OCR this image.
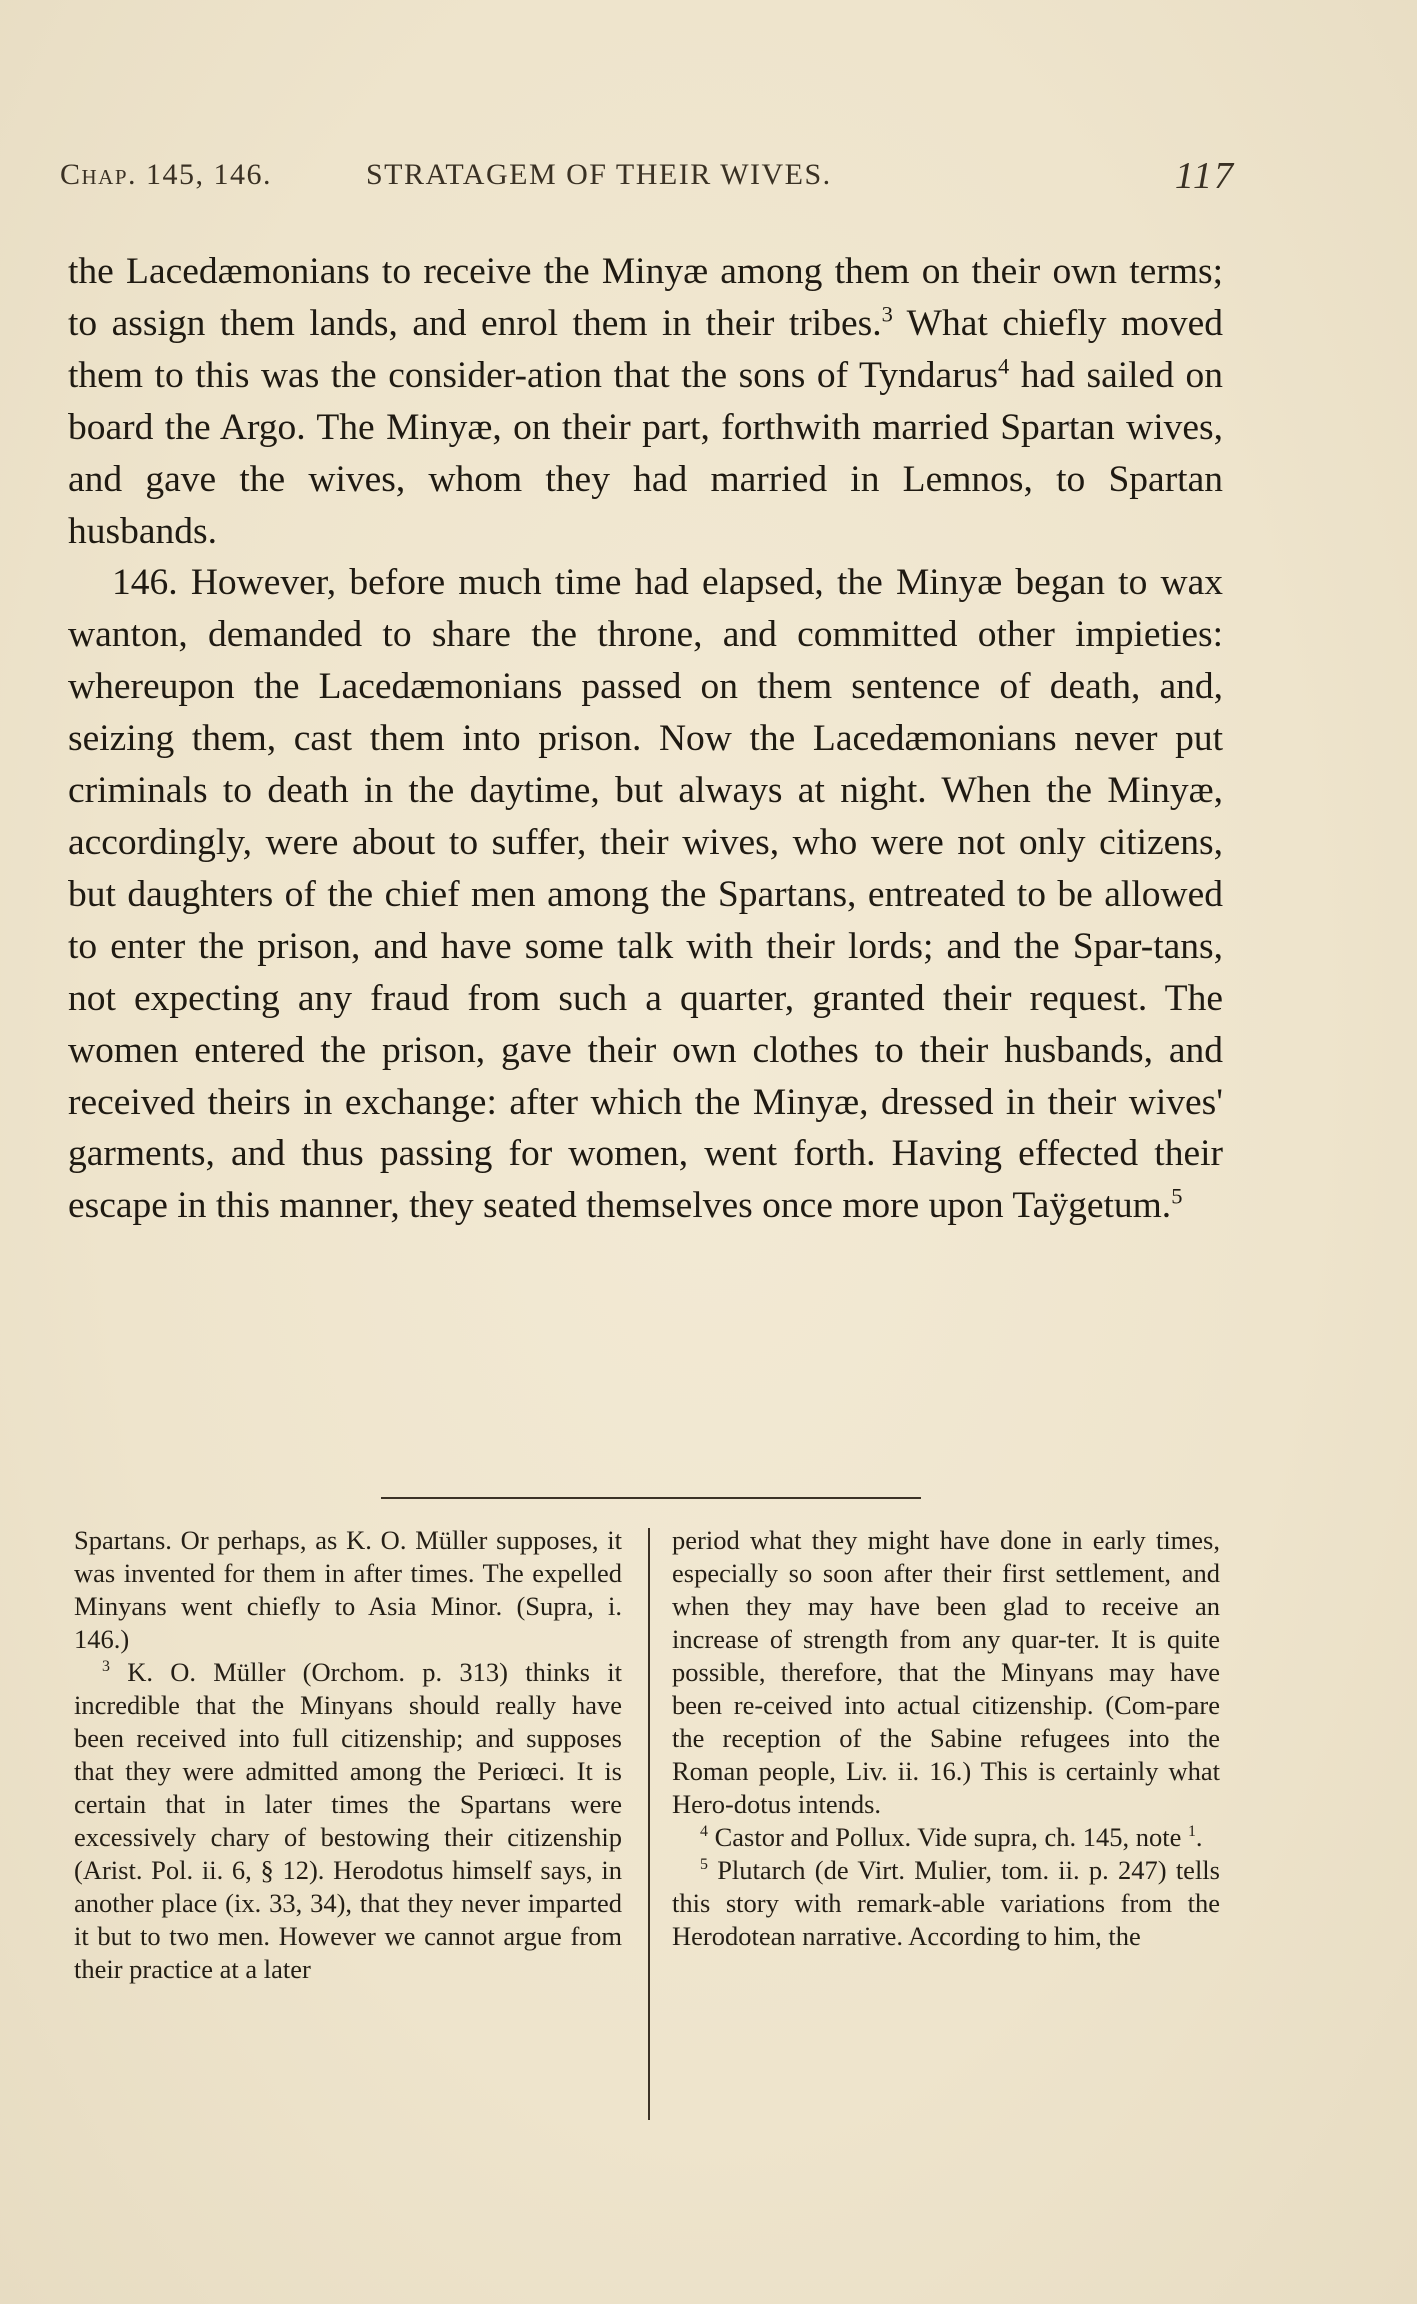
Chap. 145, 146.	STRATAGEM OF THEIR WIVES.	117

the Lacedæmonians to receive the Minyæ among them on their own terms; to assign them lands, and enrol them in their tribes.$^3$ What chiefly moved them to this was the consider-ation that the sons of Tyndarus$^4$ had sailed on board the Argo. The Minyæ, on their part, forthwith married Spartan wives, and gave the wives, whom they had married in Lemnos, to Spartan husbands.

146. However, before much time had elapsed, the Minyæ began to wax wanton, demanded to share the throne, and committed other impieties: whereupon the Lacedæmonians passed on them sentence of death, and, seizing them, cast them into prison. Now the Lacedæmonians never put criminals to death in the daytime, but always at night. When the Minyæ, accordingly, were about to suffer, their wives, who were not only citizens, but daughters of the chief men among the Spartans, entreated to be allowed to enter the prison, and have some talk with their lords; and the Spar-tans, not expecting any fraud from such a quarter, granted their request. The women entered the prison, gave their own clothes to their husbands, and received theirs in exchange: after which the Minyæ, dressed in their wives' garments, and thus passing for women, went forth. Having effected their escape in this manner, they seated themselves once more upon Taÿgetum.$^5$

Spartans. Or perhaps, as K. O. Müller supposes, it was invented for them in after times. The expelled Minyans went chiefly to Asia Minor. (Supra, i. 146.)

$^3$ K. O. Müller (Orchom. p. 313) thinks it incredible that the Minyans should really have been received into full citizenship; and supposes that they were admitted among the Periœci. It is certain that in later times the Spartans were excessively chary of bestowing their citizenship (Arist. Pol. ii. 6, § 12). Herodotus himself says, in another place (ix. 33, 34), that they never imparted it but to two men. However we cannot argue from their practice at a later

period what they might have done in early times, especially so soon after their first settlement, and when they may have been glad to receive an increase of strength from any quar-ter. It is quite possible, therefore, that the Minyans may have been re-ceived into actual citizenship. (Com-pare the reception of the Sabine refugees into the Roman people, Liv. ii. 16.) This is certainly what Hero-dotus intends.

$^4$ Castor and Pollux. Vide supra, ch. 145, note $^1$.

$^5$ Plutarch (de Virt. Mulier, tom. ii. p. 247) tells this story with remark-able variations from the Herodotean narrative. According to him, the
